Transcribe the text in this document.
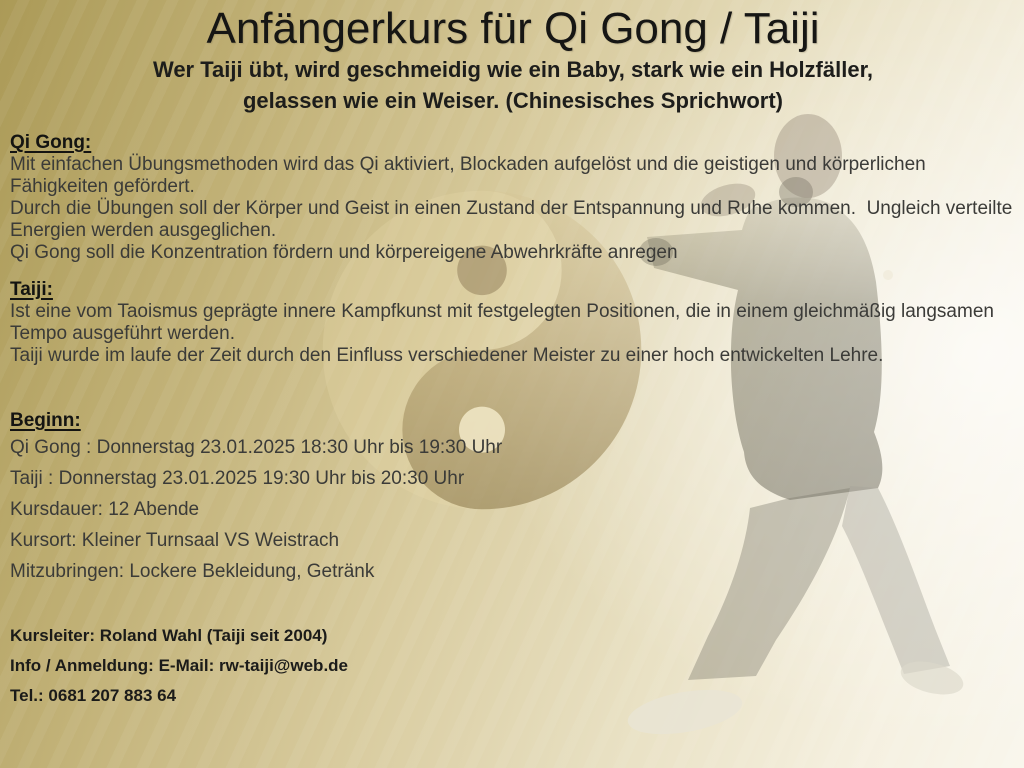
Anfängerkurs für Qi Gong / Taiji
Wer Taiji übt, wird geschmeidig wie ein Baby, stark wie ein Holzfäller,
gelassen wie ein Weiser. (Chinesisches Sprichwort)
Qi Gong:

Mit einfachen Übungsmethoden wird das Qi aktiviert, Blockaden aufgelöst und die geistigen und körperlichen Fähigkeiten gefördert.

Durch die Übungen soll der Körper und Geist in einen Zustand der Entspannung und Ruhe kommen.  Ungleich verteilte Energien werden ausgeglichen.

Qi Gong soll die Konzentration fördern und körpereigene Abwehrkräfte anregen

Taiji:

Ist eine vom Taoismus geprägte innere Kampfkunst mit festgelegten Positionen, die in einem gleichmäßig langsamen Tempo ausgeführt werden.

Taiji wurde im laufe der Zeit durch den Einfluss verschiedener Meister zu einer hoch entwickelten Lehre.

Beginn:
Qi Gong : Donnerstag 23.01.2025 18:30 Uhr bis 19:30 Uhr
Taiji : Donnerstag 23.01.2025 19:30 Uhr bis 20:30 Uhr
Kursdauer: 12 Abende
Kursort: Kleiner Turnsaal VS Weistrach
Mitzubringen: Lockere Bekleidung, Getränk
Kursleiter: Roland Wahl (Taiji seit 2004)
Info / Anmeldung: E-Mail: rw-taiji@web.de
Tel.: 0681 207 883 64
